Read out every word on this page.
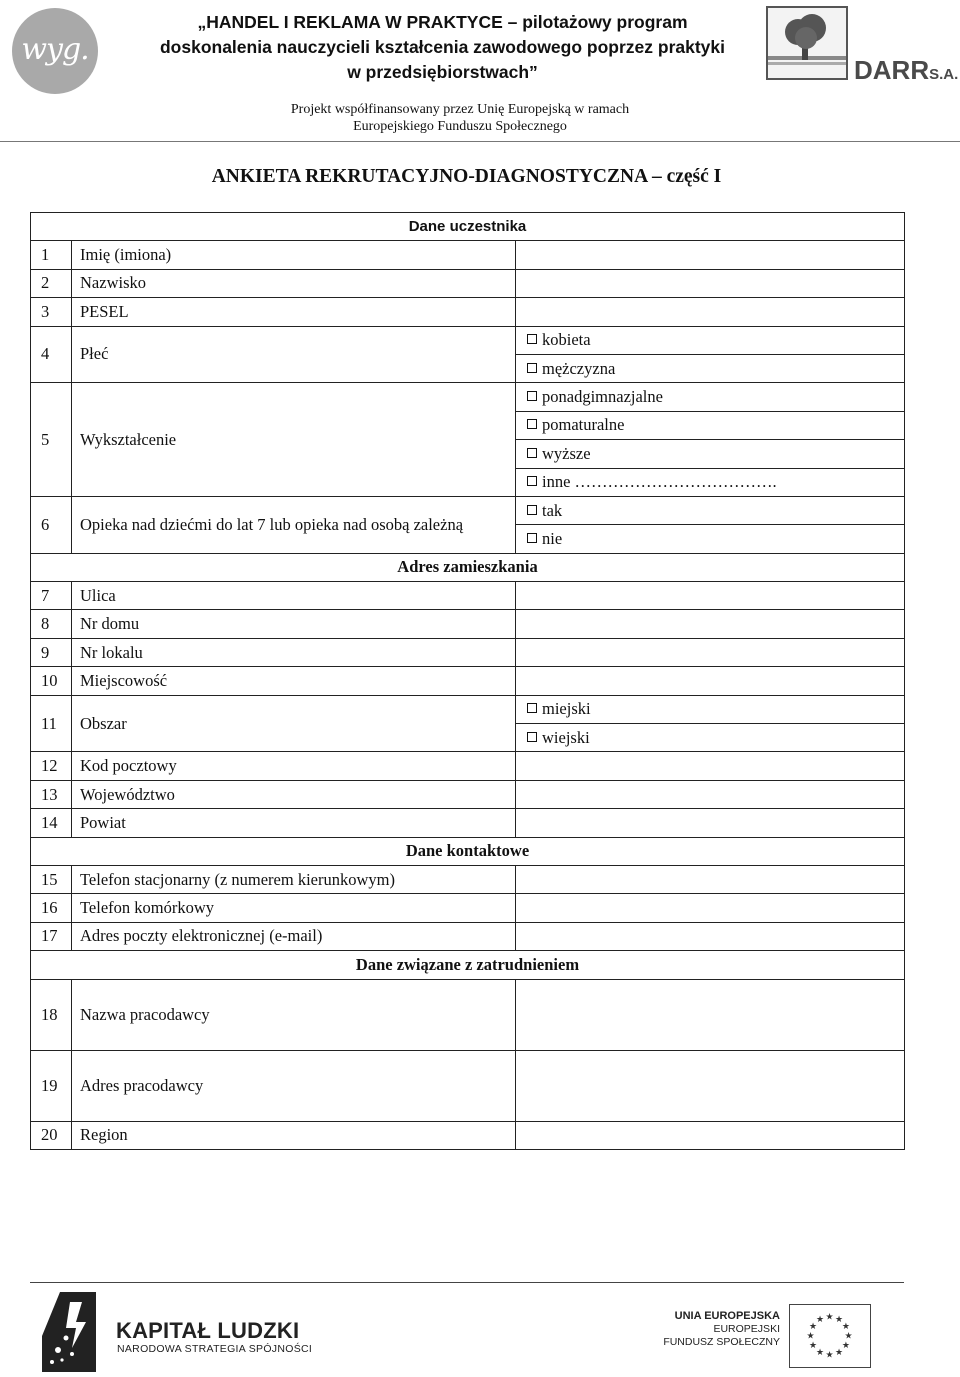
wyg.
„HANDEL I REKLAMA W PRAKTYCE – pilotażowy program
doskonalenia nauczycieli kształcenia zawodowego poprzez praktyki
w przedsiębiorstwach”
Projekt współfinansowany przez Unię Europejską w ramach
Europejskiego Funduszu Społecznego
DARRS.A.
ANKIETA REKRUTACYJNO-DIAGNOSTYCZNA – część I
Dane uczestnika		
1	Imię (imiona)	
2	Nazwisko	
3	PESEL	
4	Płeć	kobieta

mężczyzna
5	Wykształcenie	ponadgimnazjalne

pomaturalne

wyższe

inne ……………………………….
6	Opieka nad dziećmi do lat 7 lub opieka nad osobą zależną	tak

nie
Adres zamieszkania		
7	Ulica	
8	Nr domu	
9	Nr lokalu	
10	Miejscowość	
11	Obszar	miejski

wiejski
12	Kod pocztowy	
13	Województwo	
14	Powiat	
Dane kontaktowe		
15	Telefon stacjonarny (z numerem kierunkowym)	
16	Telefon komórkowy	
17	Adres poczty elektronicznej (e-mail)	
Dane związane z zatrudnieniem		
18	Nazwa pracodawcy	
19	Adres pracodawcy	
20	Region	
KAPITAŁ LUDZKI
NARODOWA STRATEGIA SPÓJNOŚCI
UNIA EUROPEJSKA
EUROPEJSKI
FUNDUSZ SPOŁECZNY
★ ★
★
★
★
★
★
★
★
★
★
★
